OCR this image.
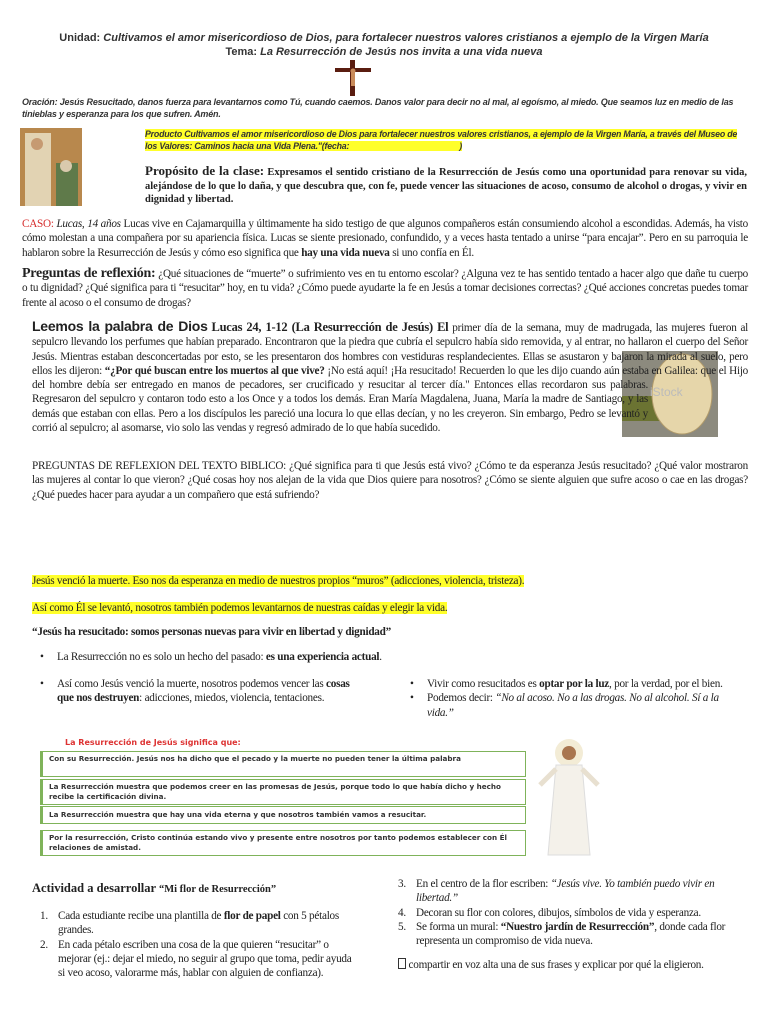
Unidad: Cultivamos el amor misericordioso de Dios, para fortalecer nuestros valores cristianos a ejemplo de la Virgen María
Tema: La Resurrección de Jesús nos invita a una vida nueva
Oración: Jesús Resucitado, danos fuerza para levantarnos como Tú, cuando caemos. Danos valor para decir no al mal, al egoísmo, al miedo. Que seamos luz en medio de las tinieblas y esperanza para los que sufren. Amén.
Producto Cultivamos el amor misericordioso de Dios para fortalecer nuestros valores cristianos, a ejemplo de la Virgen María, a través del Museo de los Valores: Caminos hacia una Vida Plena."(fecha:	)
Propósito de la clase: Expresamos el sentido cristiano de la Resurrección de Jesús como una oportunidad para renovar su vida, alejándose de lo que lo daña, y que descubra que, con fe, puede vencer las situaciones de acoso, consumo de alcohol o drogas, y vivir en dignidad y libertad.
CASO: Lucas, 14 años Lucas vive en Cajamarquilla y últimamente ha sido testigo de que algunos compañeros están consumiendo alcohol a escondidas. Además, ha visto cómo molestan a una compañera por su apariencia física. Lucas se siente presionado, confundido, y a veces hasta tentado a unirse “para encajar”. Pero en su parroquia le hablaron sobre la Resurrección de Jesús y cómo eso significa que hay una vida nueva si uno confía en Él.
Preguntas de reflexión: ¿Qué situaciones de “muerte” o sufrimiento ves en tu entorno escolar? ¿Alguna vez te has sentido tentado a hacer algo que dañe tu cuerpo o tu dignidad? ¿Qué significa para ti “resucitar” hoy, en tu vida? ¿Cómo puede ayudarte la fe en Jesús a tomar decisiones correctas? ¿Qué acciones concretas puedes tomar frente al acoso o el consumo de drogas?
iStock
Leemos la palabra de Dios Lucas 24, 1-12 (La Resurrección de Jesús) El primer día de la semana, muy de madrugada, las mujeres fueron al sepulcro llevando los perfumes que habían preparado. Encontraron que la piedra que cubría el sepulcro había sido removida, y al entrar, no hallaron el cuerpo del Señor Jesús. Mientras estaban desconcertadas por esto, se les presentaron dos hombres con vestiduras resplandecientes. Ellas se asustaron y bajaron la mirada al suelo, pero ellos les dijeron: “¿Por qué buscan entre los muertos al que vive? ¡No está aquí! ¡Ha resucitado! Recuerden lo que les dijo cuando aún estaba en Galilea: que el Hijo del hombre debía ser entregado en manos de pecadores, ser crucificado y resucitar al tercer día." Entonces ellas recordaron sus palabras. Regresaron del sepulcro y contaron todo esto a los Once y a todos los demás. Eran María Magdalena, Juana, María la madre de Santiago, y las demás que estaban con ellas. Pero a los discípulos les pareció una locura lo que ellas decían, y no les creyeron. Sin embargo, Pedro se levantó y corrió al sepulcro; al asomarse, vio solo las vendas y regresó admirado de lo que había sucedido.
PREGUNTAS DE REFLEXION DEL TEXTO BIBLICO: ¿Qué significa para ti que Jesús está vivo? ¿Cómo te da esperanza Jesús resucitado? ¿Qué valor mostraron las mujeres al contar lo que vieron? ¿Qué cosas hoy nos alejan de la vida que Dios quiere para nosotros? ¿Cómo se siente alguien que sufre acoso o cae en las drogas? ¿Qué puedes hacer para ayudar a un compañero que está sufriendo?
Jesús venció la muerte. Eso nos da esperanza en medio de nuestros propios “muros” (adicciones, violencia, tristeza).
Así como Él se levantó, nosotros también podemos levantarnos de nuestras caídas y elegir la vida.
“Jesús ha resucitado: somos personas nuevas para vivir en libertad y dignidad”
• La Resurrección no es solo un hecho del pasado: es una experiencia actual.
• Así como Jesús venció la muerte, nosotros podemos vencer las cosas que nos destruyen: adicciones, miedos, violencia, tentaciones.
• Vivir como resucitados es optar por la luz, por la verdad, por el bien.
• Podemos decir: “No al acoso. No a las drogas. No al alcohol. Sí a la vida.”
La Resurrección de Jesús significa que:
Con su Resurrección. Jesús nos ha dicho que el pecado y la muerte no pueden tener la última palabra
La Resurrección muestra que podemos creer en las promesas de Jesús, porque todo lo que había dicho y hecho recibe la certificación divina.
La Resurrección muestra que hay una vida eterna y que nosotros también vamos a resucitar.
Por la resurrección, Cristo continúa estando vivo y presente entre nosotros por tanto podemos establecer con Él relaciones de amistad.
Actividad a desarrollar “Mi flor de Resurrección”
1. Cada estudiante recibe una plantilla de flor de papel con 5 pétalos grandes.
2. En cada pétalo escriben una cosa de la que quieren “resucitar” o mejorar (ej.: dejar el miedo, no seguir al grupo que toma, pedir ayuda si veo acoso, valorarme más, hablar con alguien de confianza).
3. En el centro de la flor escriben: “Jesús vive. Yo también puedo vivir en libertad.”
4. Decoran su flor con colores, dibujos, símbolos de vida y esperanza.
5. Se forma un mural: “Nuestro jardín de Resurrección”, donde cada flor representa un compromiso de vida nueva.
compartir en voz alta una de sus frases y explicar por qué la eligieron.
